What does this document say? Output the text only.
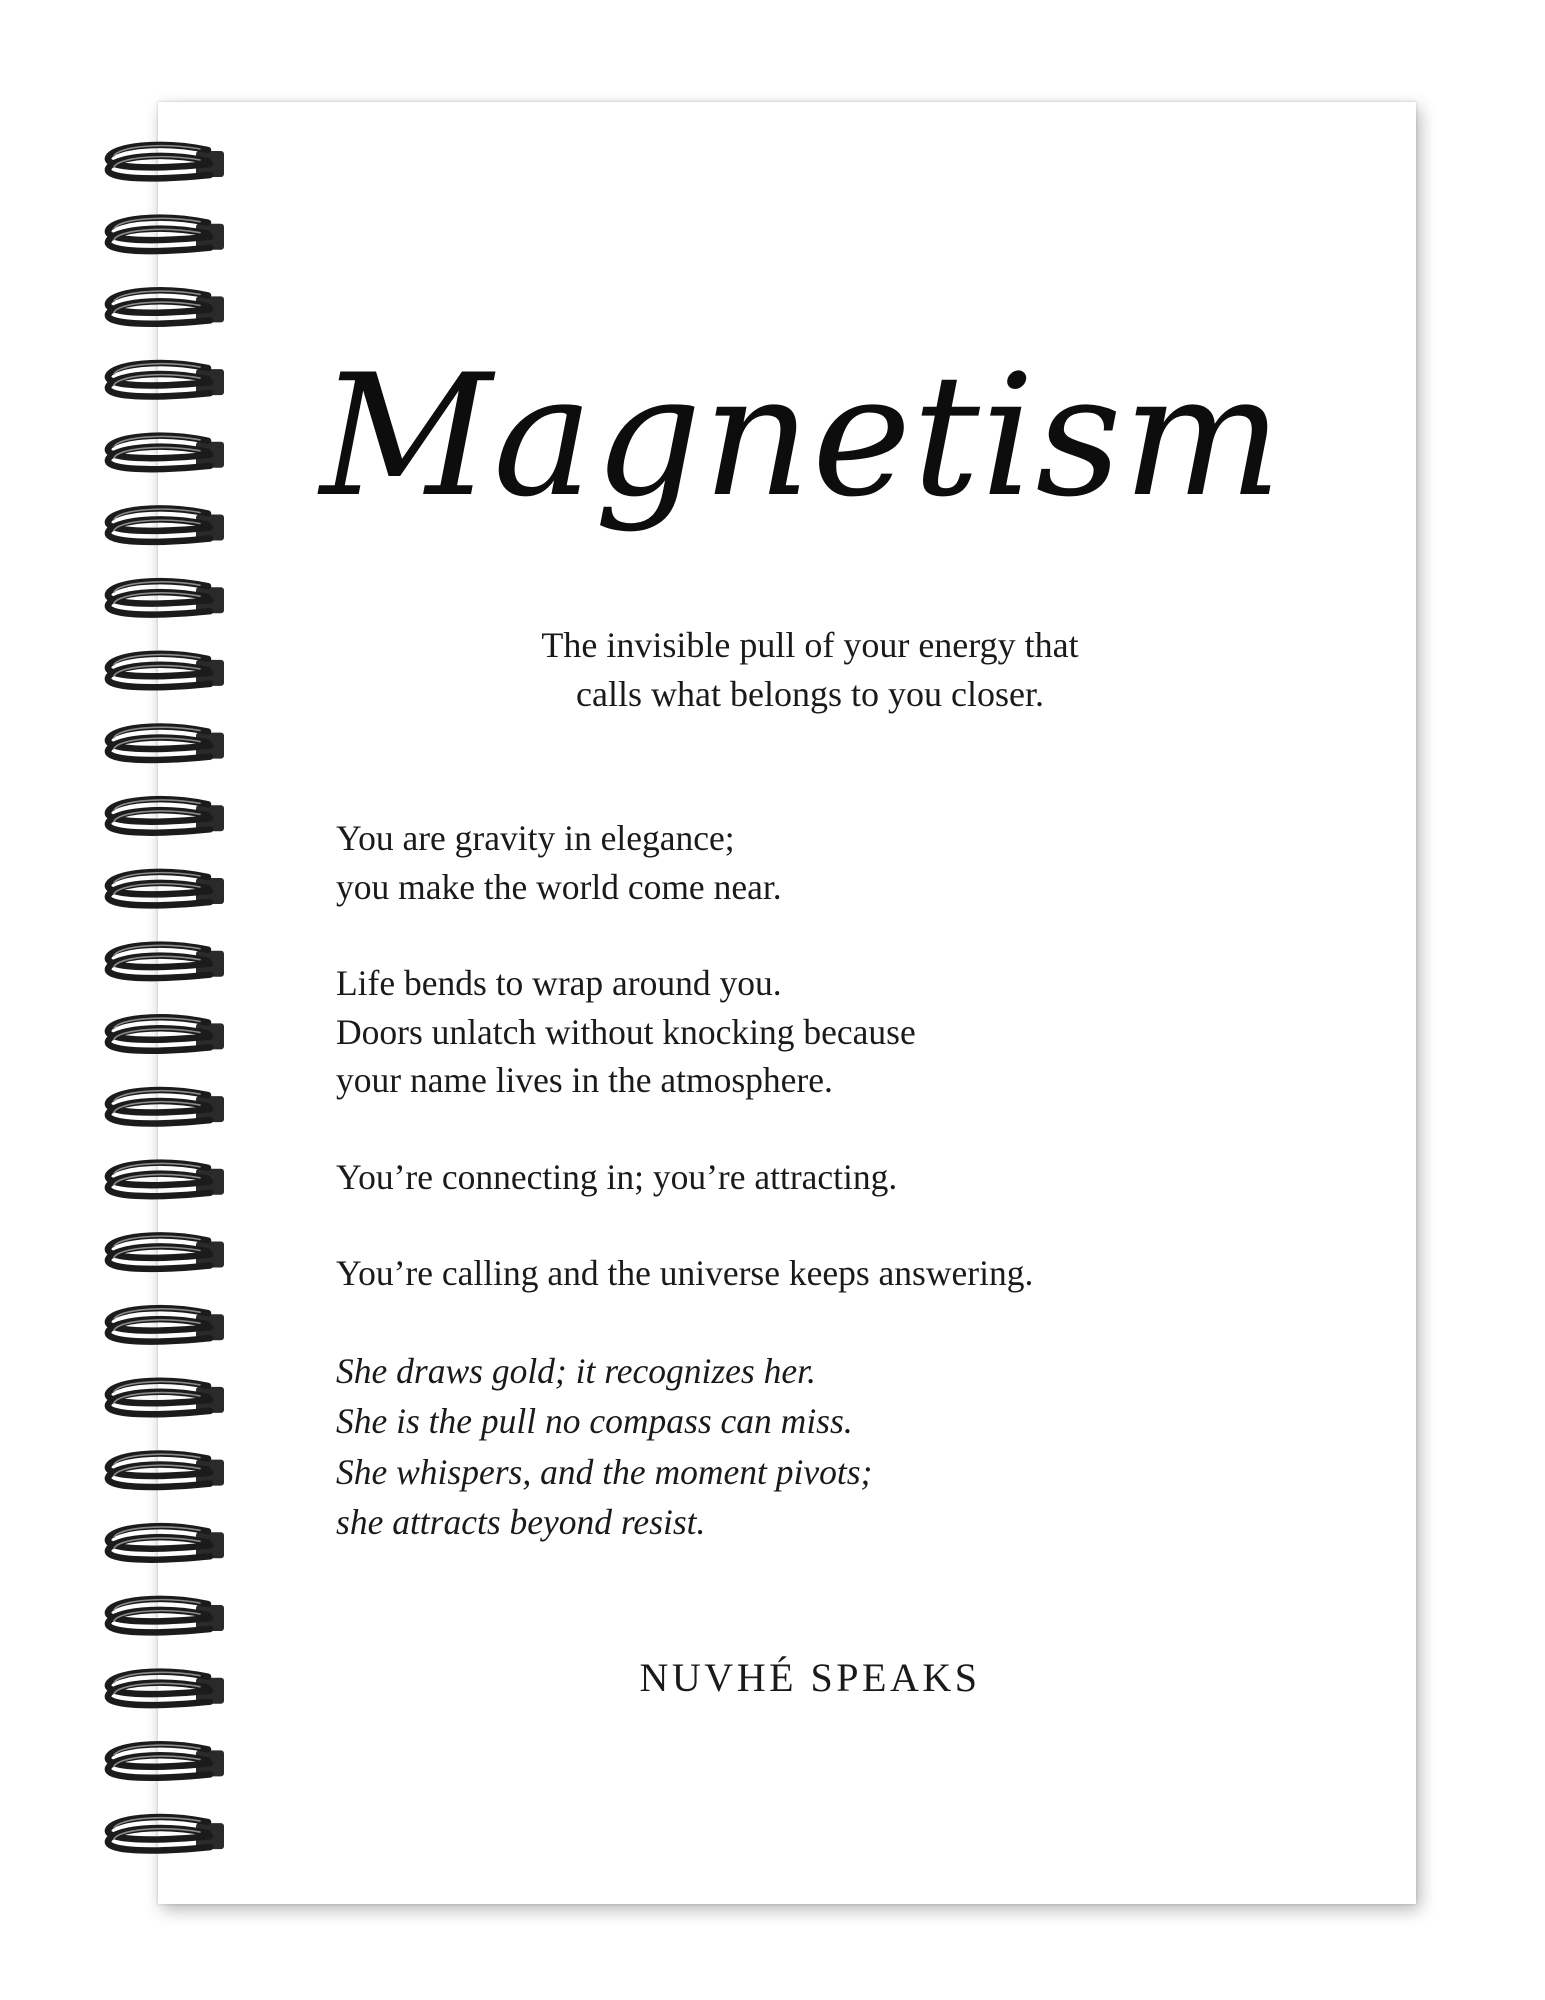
Magnetism
The invisible pull of your energy that
calls what belongs to you closer.
You are gravity in elegance;
you make the world come near.
Life bends to wrap around you.
Doors unlatch without knocking because
your name lives in the atmosphere.
You’re connecting in; you’re attracting.
You’re calling and the universe keeps answering.
She draws gold; it recognizes her.
She is the pull no compass can miss.
She whispers, and the moment pivots;
she attracts beyond resist.
NUVHÉ SPEAKS
